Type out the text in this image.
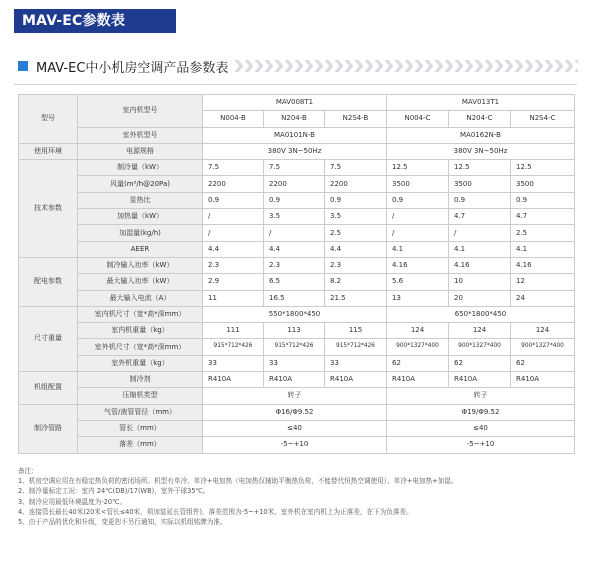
MAV-EC参数表
MAV-EC中小机房空调产品参数表
型号	室内机型号	MAV008T1			MAV013T1		
		N004-B	N204-B	N2S4-B	N004-C	N204-C	N2S4-C
	室外机型号	MA0101N-B			MA0162N-B		
使用环境	电源规格	380V 3N~50Hz			380V 3N~50Hz		
技术参数	制冷量（kW）	7.5	7.5	7.5	12.5	12.5	12.5
	风量(m³/h@20Pa)	2200	2200	2200	3500	3500	3500
	显热比	0.9	0.9	0.9	0.9	0.9	0.9
	加热量（kW）	/	3.5	3.5	/	4.7	4.7
	加湿量(kg/h)	/	/	2.5	/	/	2.5
	AEER	4.4	4.4	4.4	4.1	4.1	4.1
配电参数	制冷输入功率（kW）	2.3	2.3	2.3	4.16	4.16	4.16
	最大输入功率（kW）	2.9	6.5	8.2	5.6	10	12
	最大输入电流（A）	11	16.5	21.5	13	20	24
尺寸重量	室内机尺寸（宽*高*深mm）	550*1800*450			650*1800*450		
	室内机重量（kg）	111	113	115	124	124	124
	室外机尺寸（宽*高*深mm）	915*712*426	915*712*426	915*712*426	900*1327*400	900*1327*400	900*1327*400
	室外机重量（kg）	33	33	33	62	62	62
机组配置	制冷剂	R410A	R410A	R410A	R410A	R410A	R410A
	压缩机类型	转子			转子		
制冷管路	气管/液管管径（mm）	Φ16/Φ9.52			Φ19/Φ9.52		
	管长（mm）	≤40			≤40		
	落差（mm）	-5~+10			-5~+10		
备注：
1、机房空调应用在有稳定热负荷的密闭场所。机型有单冷、单冷+电加热（电加热仅辅助平衡热负荷，不能替代恒热空调使用）、单冷+电加热+加湿。
2、制冷量标定工况：室内 24℃(DB)/17(WB)，室外干球35℃。
3、制冷应用最低环境温度为-20℃。
4、连接管长最长40米(20米<管长≤40米，须加装延长管组件)，落差范围为-5~+10米，室外机在室内机上为正落差，在下为负落差。
5、由于产品的优化和升级，变更恕不另行通知，实际以机组铭牌为准。
